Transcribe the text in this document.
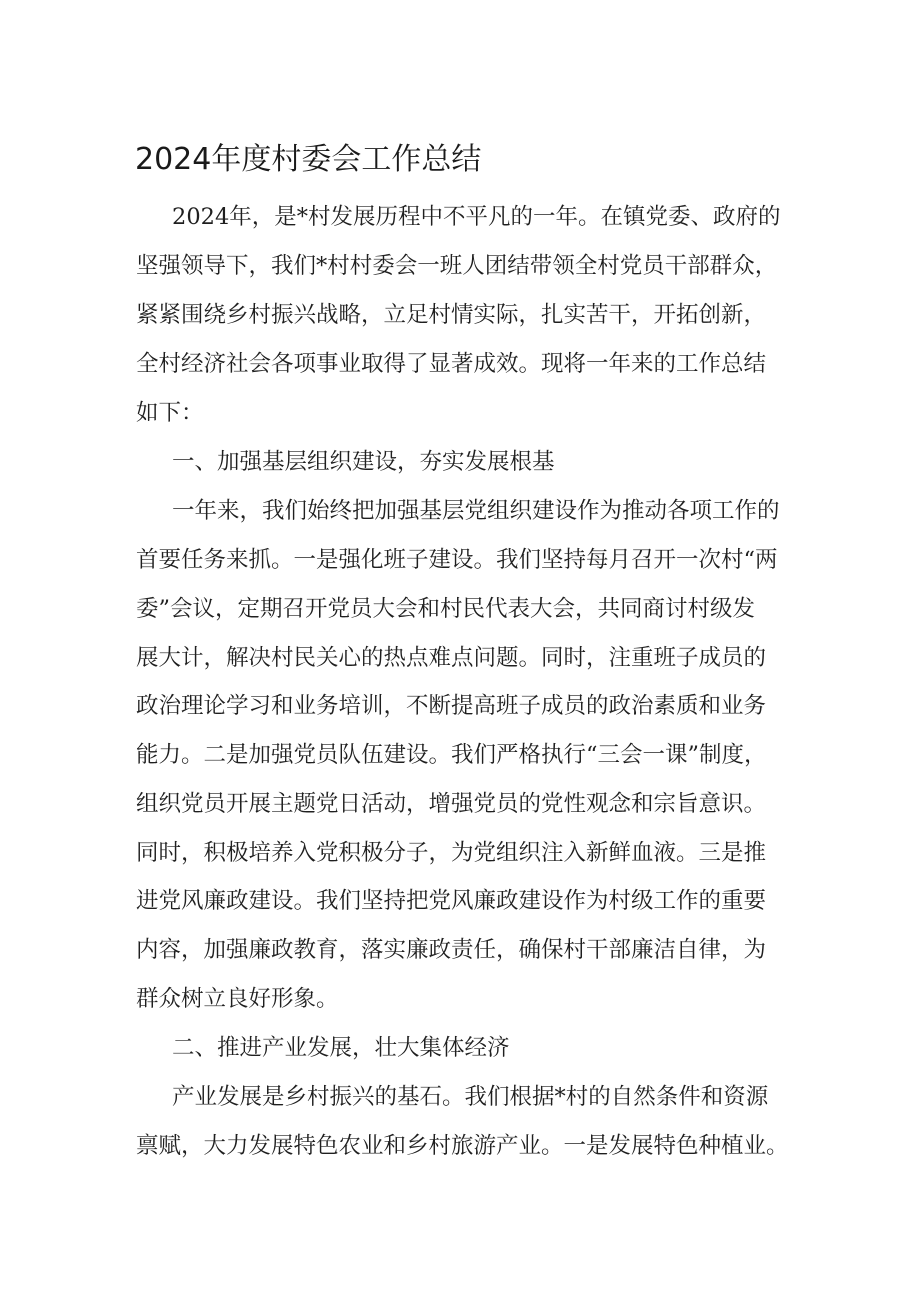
2024年度村委会工作总结

2024年，是*村发展历程中不平凡的一年。在镇党委、政府的

坚强领导下，我们*村村委会一班人团结带领全村党员干部群众，

紧紧围绕乡村振兴战略，立足村情实际，扎实苦干，开拓创新，

全村经济社会各项事业取得了显著成效。现将一年来的工作总结

如下：

一、加强基层组织建设，夯实发展根基

一年来，我们始终把加强基层党组织建设作为推动各项工作的

首要任务来抓。一是强化班子建设。我们坚持每月召开一次村“两

委”会议，定期召开党员大会和村民代表大会，共同商讨村级发

展大计，解决村民关心的热点难点问题。同时，注重班子成员的

政治理论学习和业务培训，不断提高班子成员的政治素质和业务

能力。二是加强党员队伍建设。我们严格执行“三会一课”制度，

组织党员开展主题党日活动，增强党员的党性观念和宗旨意识。

同时，积极培养入党积极分子，为党组织注入新鲜血液。三是推

进党风廉政建设。我们坚持把党风廉政建设作为村级工作的重要

内容，加强廉政教育，落实廉政责任，确保村干部廉洁自律，为

群众树立良好形象。

二、推进产业发展，壮大集体经济

产业发展是乡村振兴的基石。我们根据*村的自然条件和资源

禀赋，大力发展特色农业和乡村旅游产业。一是发展特色种植业。
